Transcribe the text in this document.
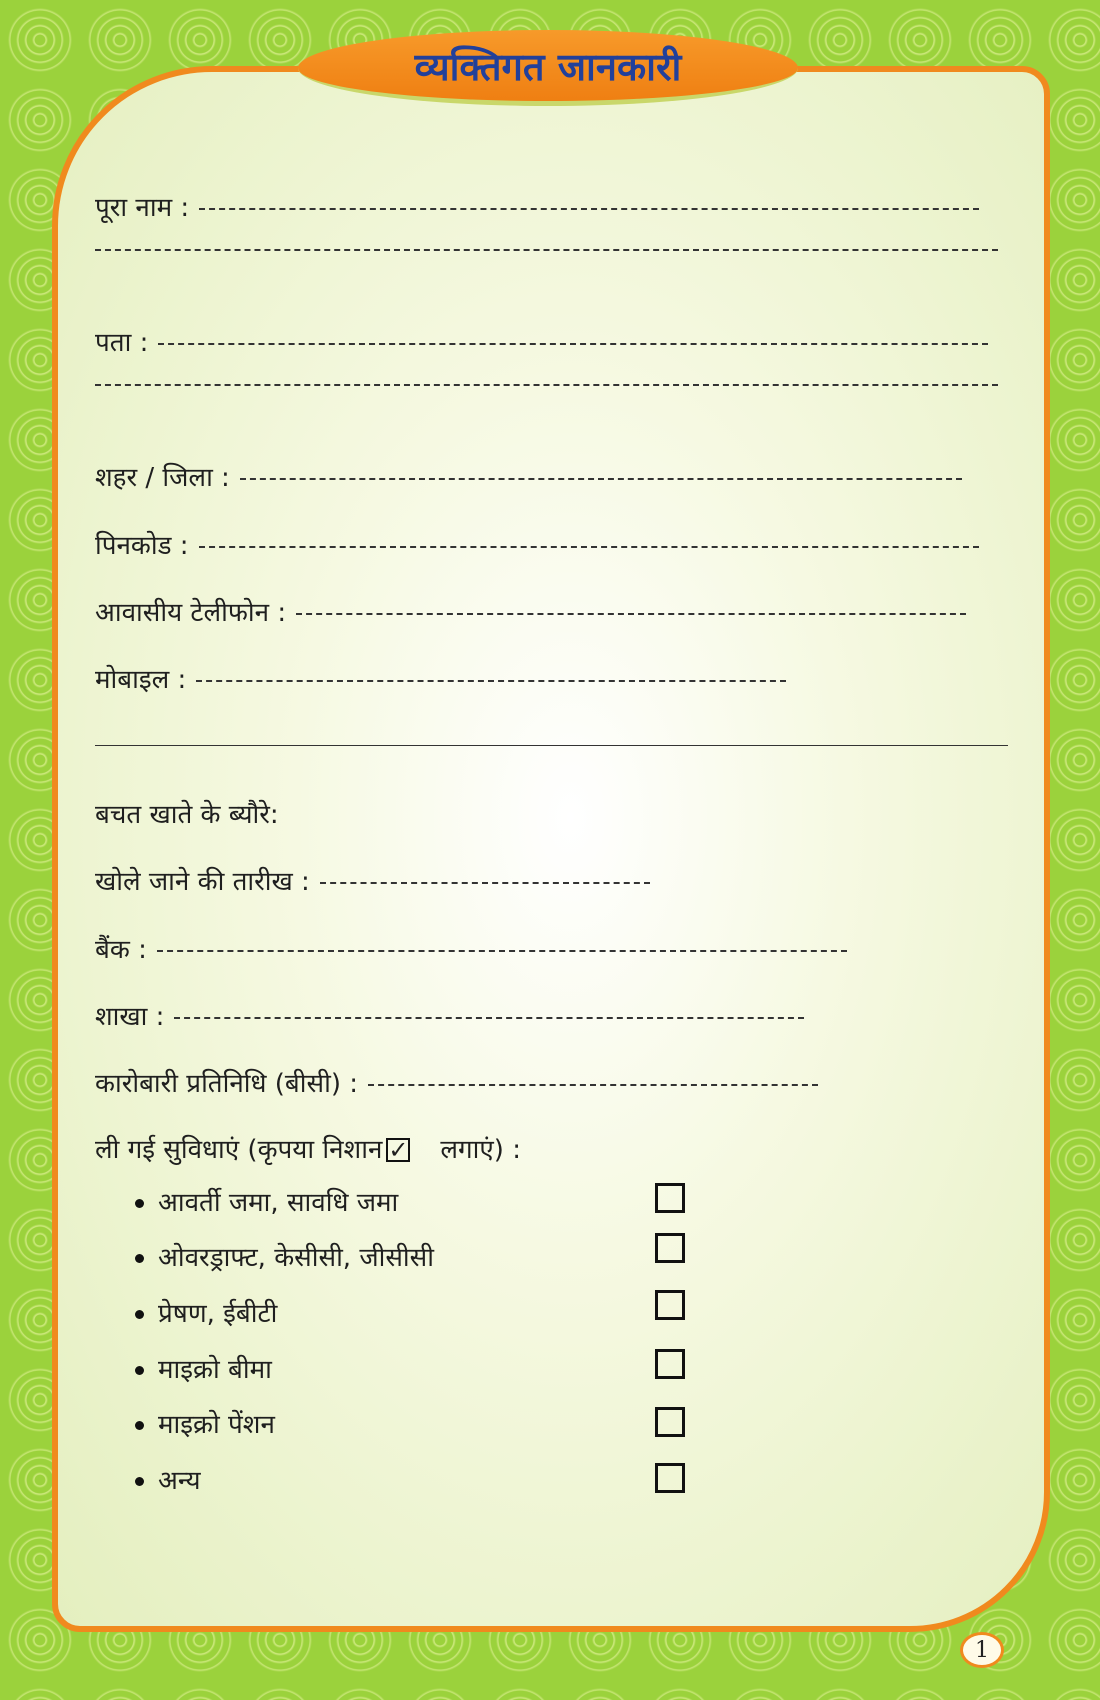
व्यक्तिगत जानकारी
पूरा नाम :
पता :
शहर / जिला :
पिनकोड :
आवासीय टेलीफोन :
मोबाइल :
बचत खाते के ब्यौरे:
खोले जाने की तारीख :
बैंक :
शाखा :
कारोबारी प्रतिनिधि (बीसी) :
ली गई सुविधाएं (कृपया निशान ✓ लगाएं) :
आवर्ती जमा, सावधि जमा
ओवरड्राफ्ट, केसीसी, जीसीसी
प्रेषण, ईबीटी
माइक्रो बीमा
माइक्रो पेंशन
अन्य
1
